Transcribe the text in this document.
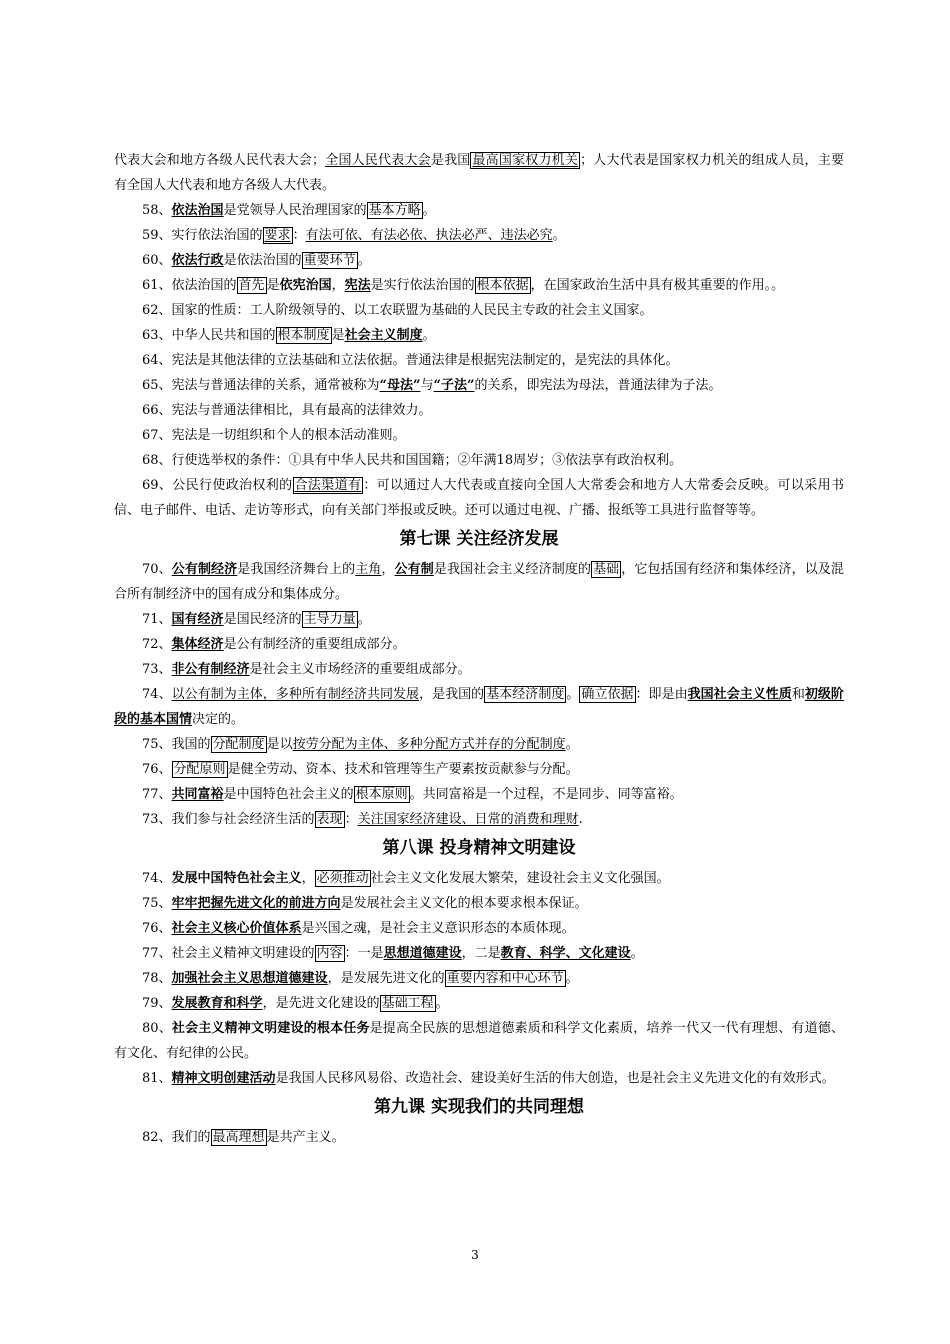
代表大会和地方各级人民代表大会；全国人民代表大会是我国 最高国家权力机关 ；人大代表是国家权力机关的组成人员，主要有全国人大代表和地方各级人大代表。

58、依法治国是党领导人民治理国家的 基本方略 。

59、实行依法治国的 要求 ：有法可依、有法必依、执法必严、违法必究。

60、依法行政是依法治国的 重要环节 。

61、依法治国的 首先 是依宪治国，宪法是实行依法治国的 根本依据 ，在国家政治生活中具有极其重要的作用。。

62、国家的性质：工人阶级领导的、以工农联盟为基础的人民民主专政的社会主义国家。

63、中华人民共和国的 根本制度 是社会主义制度。

64、宪法是其他法律的立法基础和立法依据。普通法律是根据宪法制定的，是宪法的具体化。

65、宪法与普通法律的关系，通常被称为“母法”与“子法”的关系，即宪法为母法，普通法律为子法。

66、宪法与普通法律相比，具有最高的法律效力。

67、宪法是一切组织和个人的根本活动准则。

68、行使选举权的条件：①具有中华人民共和国国籍；②年满18周岁；③依法享有政治权利。

69、公民行使政治权利的 合法渠道有 ：可以通过人大代表或直接向全国人大常委会和地方人大常委会反映。可以采用书信、电子邮件、电话、走访等形式，向有关部门举报或反映。还可以通过电视、广播、报纸等工具进行监督等等。

第七课 关注经济发展

70、公有制经济是我国经济舞台上的主角，公有制是我国社会主义经济制度的 基础 ，它包括国有经济和集体经济，以及混合所有制经济中的国有成分和集体成分。

71、国有经济是国民经济的 主导力量 。

72、集体经济是公有制经济的重要组成部分。

73、非公有制经济是社会主义市场经济的重要组成部分。

74、以公有制为主体，多种所有制经济共同发展，是我国的 基本经济制度 。 确立依据 ：即是由我国社会主义性质和初级阶段的基本国情决定的。

75、我国的 分配制度 是以按劳分配为主体、多种分配方式并存的分配制度。

76、 分配原则 是健全劳动、资本、技术和管理等生产要素按贡献参与分配。

77、共同富裕是中国特色社会主义的 根本原则 。共同富裕是一个过程，不是同步、同等富裕。

73、我们参与社会经济生活的 表现 ：关注国家经济建设、日常的消费和理财.

第八课 投身精神文明建设

74、发展中国特色社会主义， 必须推动 社会主义文化发展大繁荣，建设社会主义文化强国。

75、牢牢把握先进文化的前进方向是发展社会主义文化的根本要求根本保证。

76、社会主义核心价值体系是兴国之魂，是社会主义意识形态的本质体现。

77、社会主义精神文明建设的 内容 ：一是思想道德建设，二是教育、科学、文化建设。

78、加强社会主义思想道德建设，是发展先进文化的 重要内容和中心环节 。

79、发展教育和科学，是先进文化建设的 基础工程 。

80、社会主义精神文明建设的根本任务是提高全民族的思想道德素质和科学文化素质，培养一代又一代有理想、有道德、有文化、有纪律的公民。

81、精神文明创建活动是我国人民移风易俗、改造社会、建设美好生活的伟大创造，也是社会主义先进文化的有效形式。

第九课 实现我们的共同理想

82、我们的 最高理想 是共产主义。

3
